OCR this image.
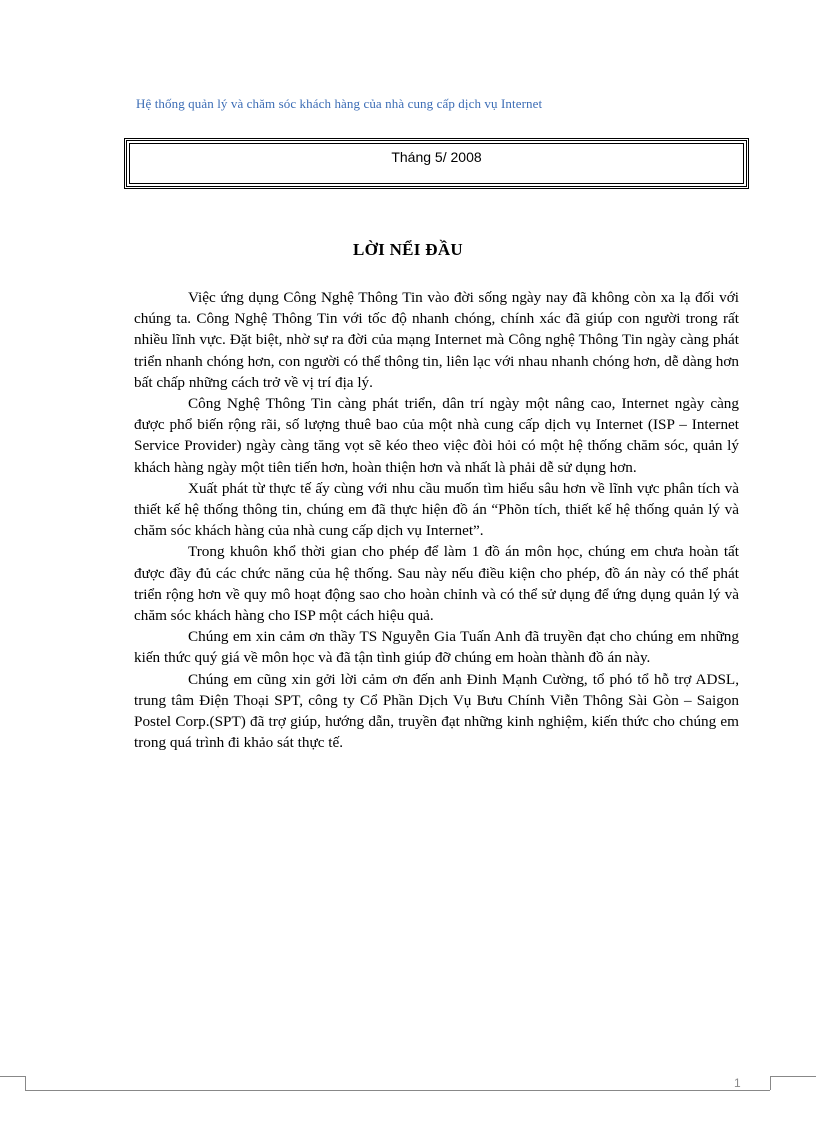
Hệ thống quản lý và chăm sóc khách hàng của nhà cung cấp dịch vụ Internet
Tháng 5/ 2008
LỜI NỂI ĐẦU

Việc ứng dụng Công Nghệ Thông Tin vào đời sống ngày nay đã không còn xa lạ đối với chúng ta. Công Nghệ Thông Tin với tốc độ nhanh chóng, chính xác đã giúp con người trong rất nhiều lĩnh vực. Đặt biệt, nhờ sự ra đời của mạng Internet mà Công nghệ Thông Tin ngày càng phát triển nhanh chóng hơn, con người có thể thông tin, liên lạc với nhau nhanh chóng hơn, dễ dàng hơn bất chấp những cách trở về vị trí địa lý.

Công Nghệ Thông Tin càng phát triển, dân trí ngày một nâng cao, Internet ngày càng được phổ biến rộng rãi, số lượng thuê bao của một nhà cung cấp dịch vụ Internet (ISP – Internet Service Provider) ngày càng tăng vọt sẽ kéo theo việc đòi hỏi có một hệ thống chăm sóc, quản lý khách hàng ngày một tiên tiến hơn, hoàn thiện hơn và nhất là phải dễ sử dụng hơn.

Xuất phát từ thực tế ấy cùng với nhu cầu muốn tìm hiểu sâu hơn về lĩnh vực phân tích và thiết kế hệ thống thông tin, chúng em đã thực hiện đồ án “Phõn tích, thiết kế hệ thống quản lý và chăm sóc khách hàng của nhà cung cấp dịch vụ Internet”.

Trong khuôn khổ thời gian cho phép để làm 1 đồ án môn học, chúng em chưa hoàn tất được đầy đủ các chức năng của hệ thống. Sau này nếu điều kiện cho phép, đồ án này có thể phát triển rộng hơn về quy mô hoạt động sao cho hoàn chỉnh và có thể sử dụng để ứng dụng quản lý và chăm sóc khách hàng cho ISP một cách hiệu quả.

Chúng em xin cảm ơn thầy TS Nguyễn Gia Tuấn Anh đã truyền đạt cho chúng em những kiến thức quý giá về môn học và đã tận tình giúp đỡ chúng em hoàn thành đồ án này.

Chúng em cũng xin gởi lời cảm ơn đến anh Đinh Mạnh Cường, tổ phó tổ hỗ trợ ADSL, trung tâm Điện Thoại SPT, công ty Cổ Phần Dịch Vụ Bưu Chính Viễn Thông Sài Gòn – Saigon Postel Corp.(SPT) đã trợ giúp, hướng dẫn, truyền đạt những kinh nghiệm, kiến thức cho chúng em trong quá trình đi khảo sát thực tế.

1
